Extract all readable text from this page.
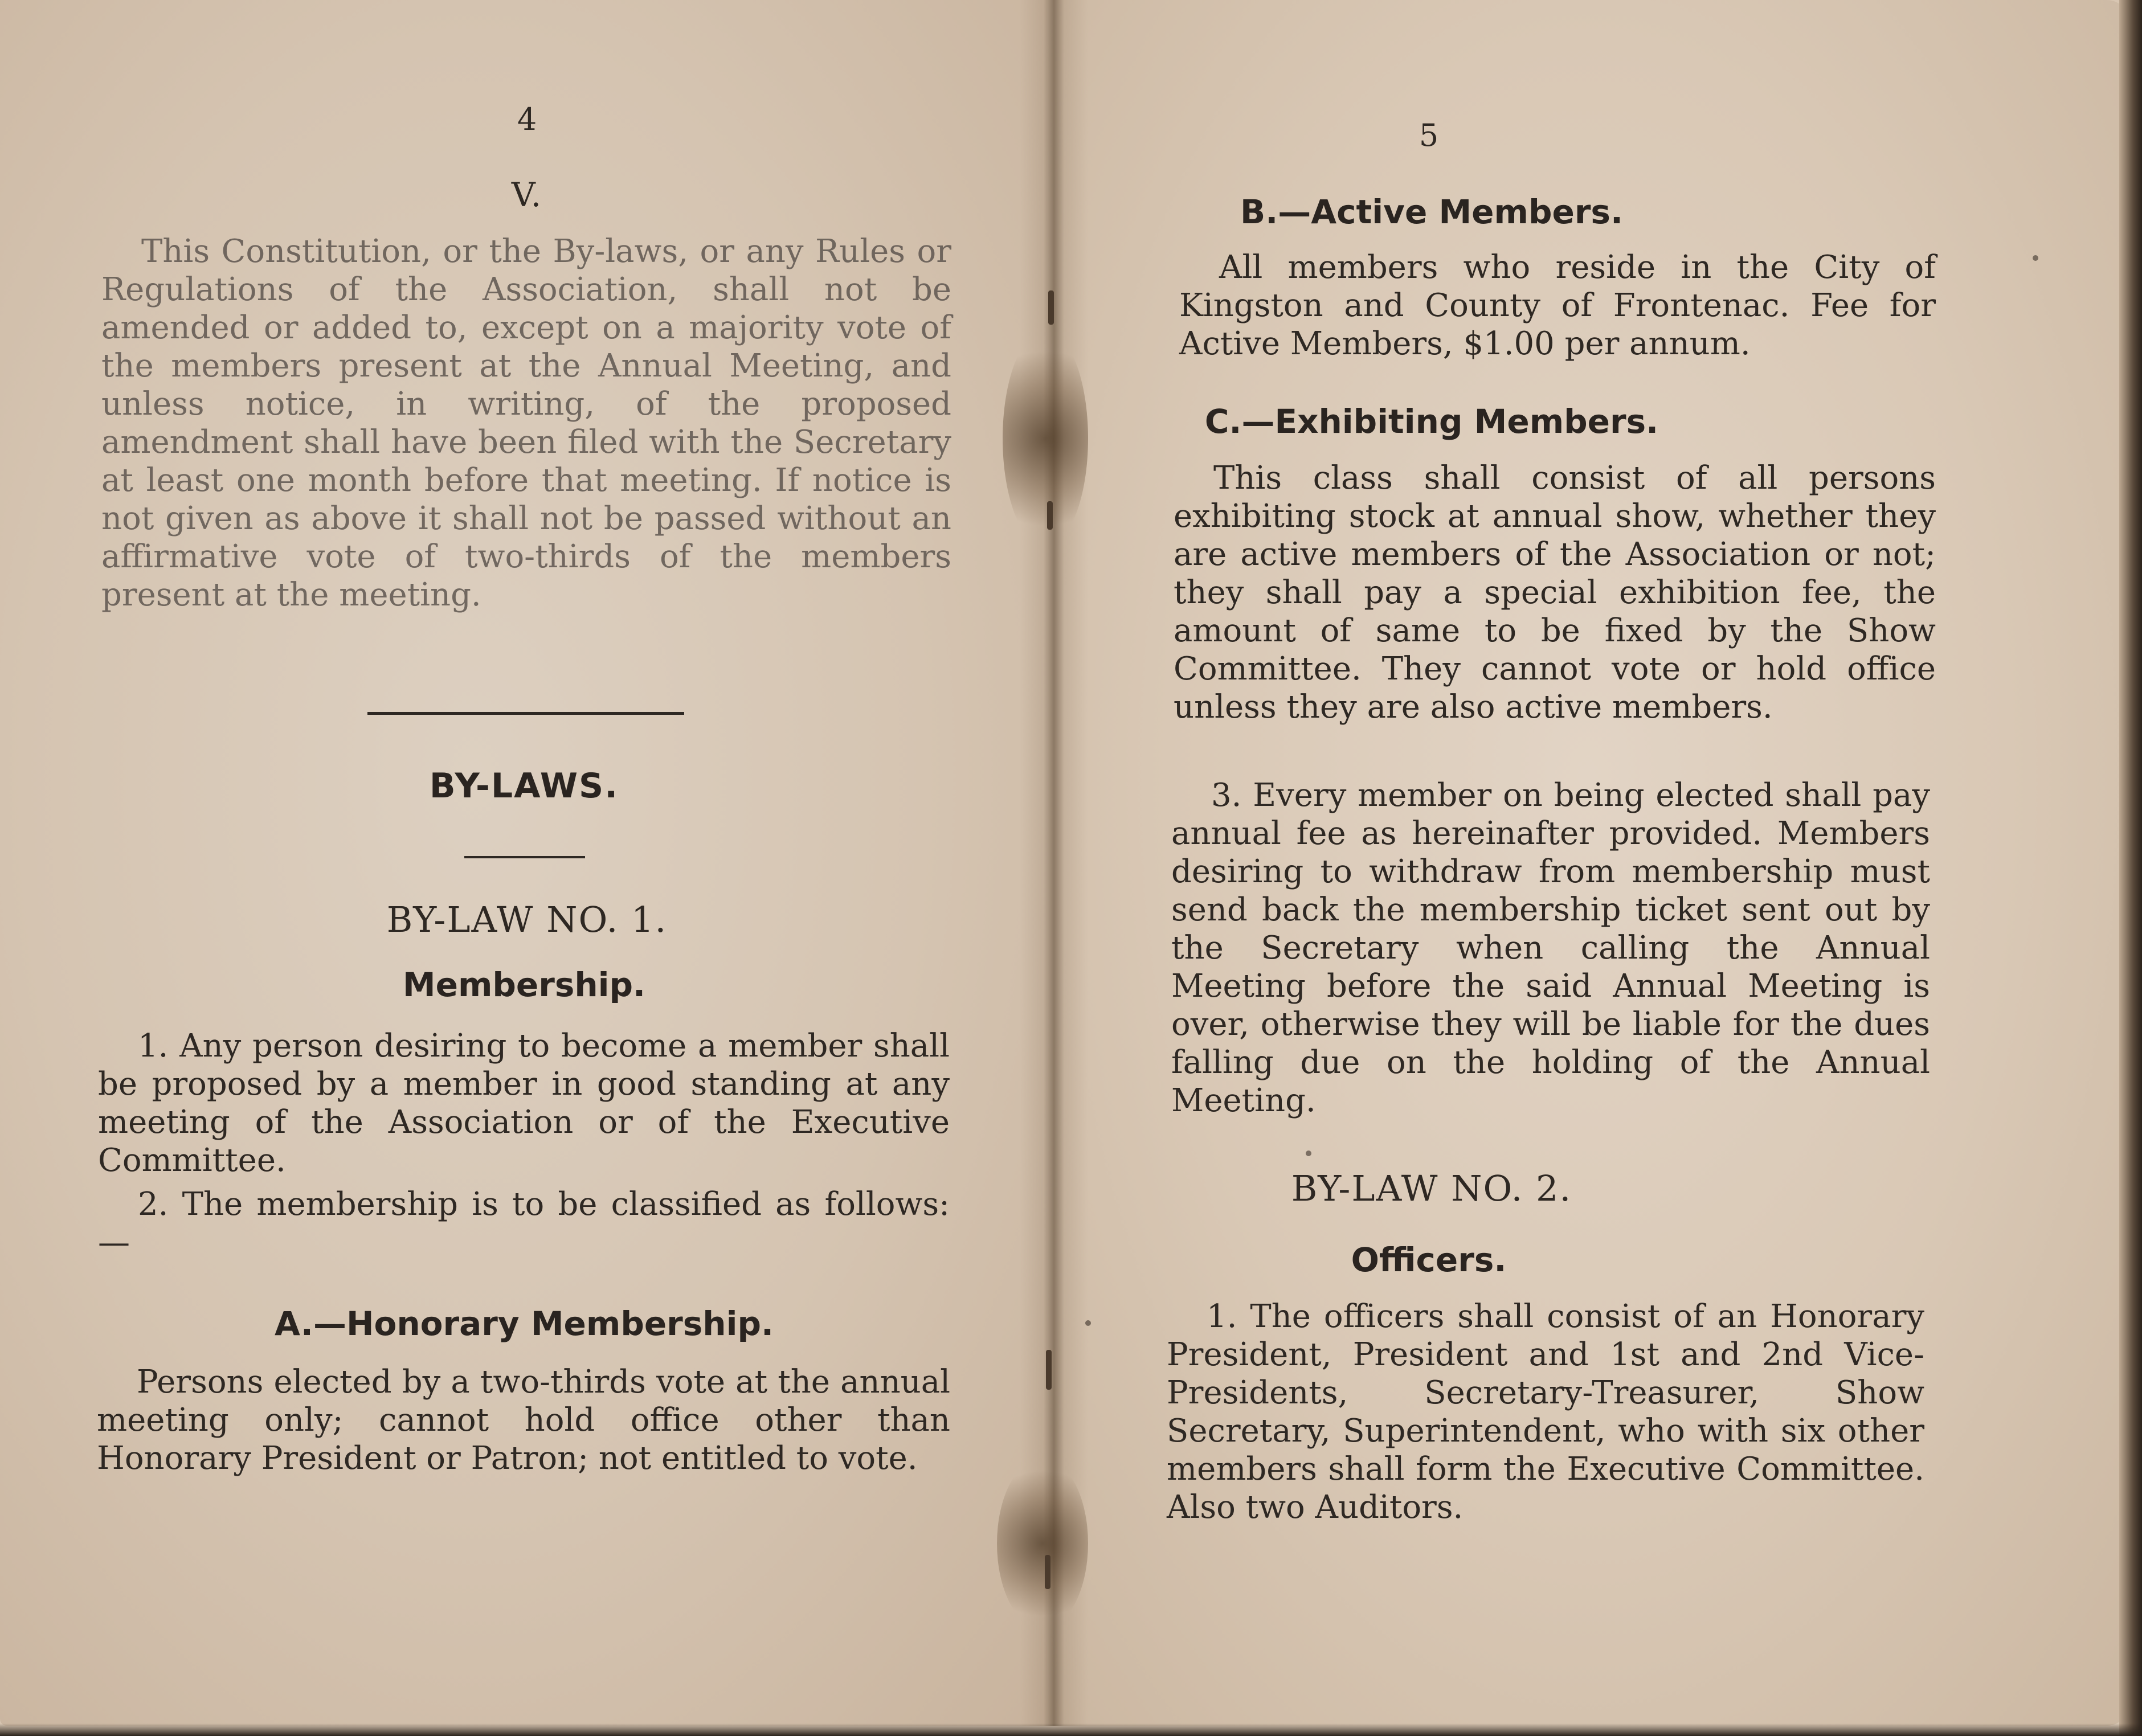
4
V.

This Constitution, or the By-laws, or any Rules or Regulations of the Association, shall not be amended or added to, except on a majority vote of the members present at the Annual Meeting, and unless notice, in writing, of the proposed amendment shall have been filed with the Secretary at least one month before that meeting. If notice is not given as above it shall not be passed without an affirmative vote of two-thirds of the members present at the meeting.

BY-LAWS.
BY-LAW NO. 1.
Membership.

1. Any person desiring to become a member shall be proposed by a member in good standing at any meeting of the Association or of the Executive Committee.

2. The membership is to be classified as follows:—

A.—Honorary Membership.

Persons elected by a two-thirds vote at the annual meeting only; cannot hold office other than Honorary President or Patron; not entitled to vote.

5
B.—Active Members.

All members who reside in the City of Kingston and County of Frontenac. Fee for Active Members, $1.00 per annum.

C.—Exhibiting Members.

This class shall consist of all persons exhibiting stock at annual show, whether they are active members of the Association or not; they shall pay a special exhibition fee, the amount of same to be fixed by the Show Committee. They cannot vote or hold office unless they are also active members.

3. Every member on being elected shall pay annual fee as hereinafter provided. Members desiring to withdraw from membership must send back the membership ticket sent out by the Secretary when calling the Annual Meeting before the said Annual Meeting is over, otherwise they will be liable for the dues falling due on the holding of the Annual Meeting.

BY-LAW NO. 2.
Officers.

1. The officers shall consist of an Honorary President, President and 1st and 2nd Vice-Presidents, Secretary-Treasurer, Show Secretary, Superintendent, who with six other members shall form the Executive Committee. Also two Auditors.
